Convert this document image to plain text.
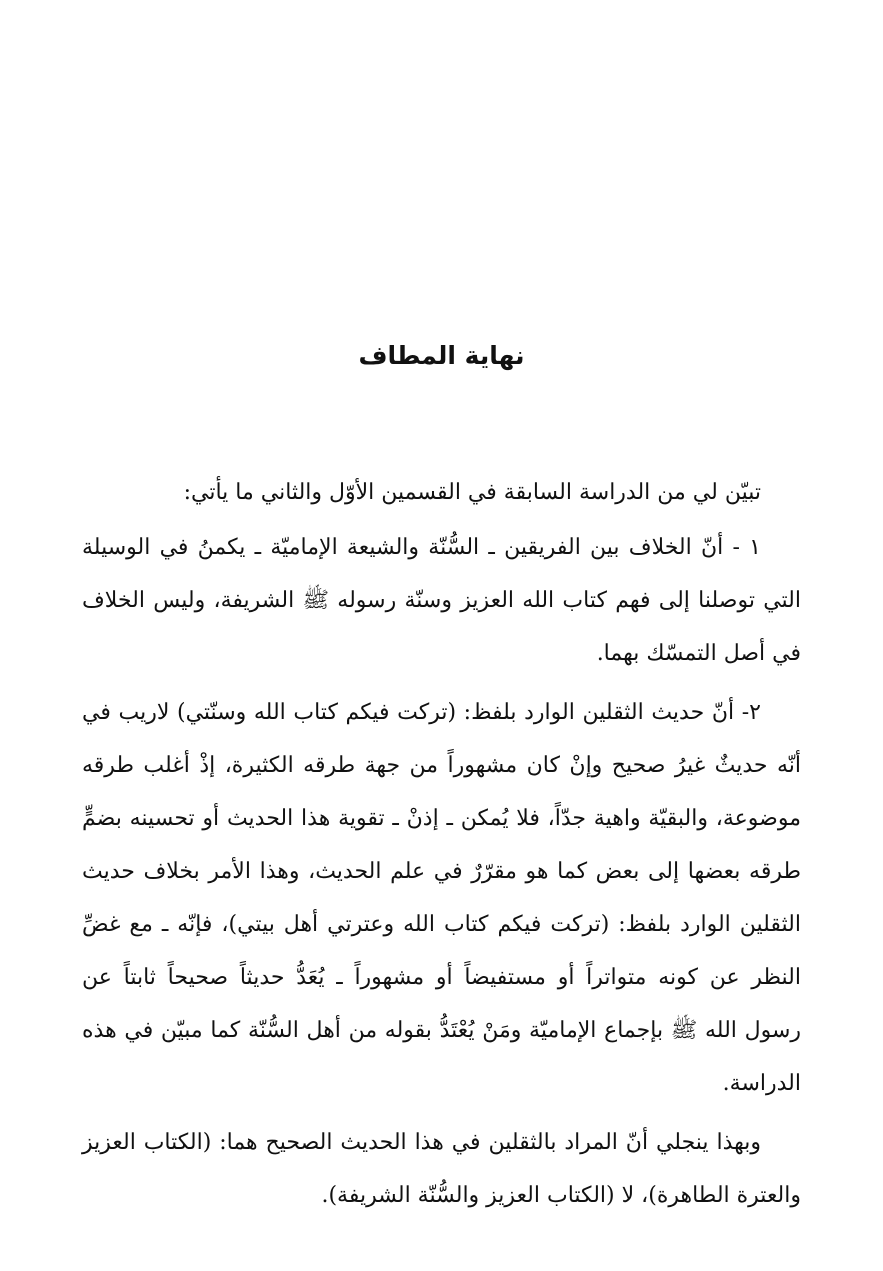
نهاية المطاف

تبيّن لي من الدراسة السابقة في القسمين الأوّل والثاني ما يأتي:

١ - أنّ الخلاف بين الفريقين ـ السُّنّة والشيعة الإماميّة ـ يكمنُ في الوسيلة التي توصلنا إلى فهم كتاب الله العزيز وسنّة رسوله ﷺ الشريفة، وليس الخلاف في أصل التمسّك بهما.

٢- أنّ حديث الثقلين الوارد بلفظ: (تركت فيكم كتاب الله وسنّتي) لاريب في أنّه حديثٌ غيرُ صحيح وإنْ كان مشهوراً من جهة طرقه الكثيرة، إذْ أغلب طرقه موضوعة، والبقيّة واهية جدّاً، فلا يُمكن ـ إذنْ ـ تقوية هذا الحديث أو تحسينه بضمٍّ طرقه بعضها إلى بعض كما هو مقرّرٌ في علم الحديث، وهذا الأمر بخلاف حديث الثقلين الوارد بلفظ: (تركت فيكم كتاب الله وعترتي أهل بيتي)، فإنّه ـ مع غضِّ النظر عن كونه متواتراً أو مستفيضاً أو مشهوراً ـ يُعَدُّ حديثاً صحيحاً ثابتاً عن رسول الله ﷺ بإجماع الإماميّة ومَنْ يُعْتَدُّ بقوله من أهل السُّنّة كما مبيّن في هذه الدراسة.

وبهذا ينجلي أنّ المراد بالثقلين في هذا الحديث الصحيح هما: (الكتاب العزيز والعترة الطاهرة)، لا (الكتاب العزيز والسُّنّة الشريفة).
